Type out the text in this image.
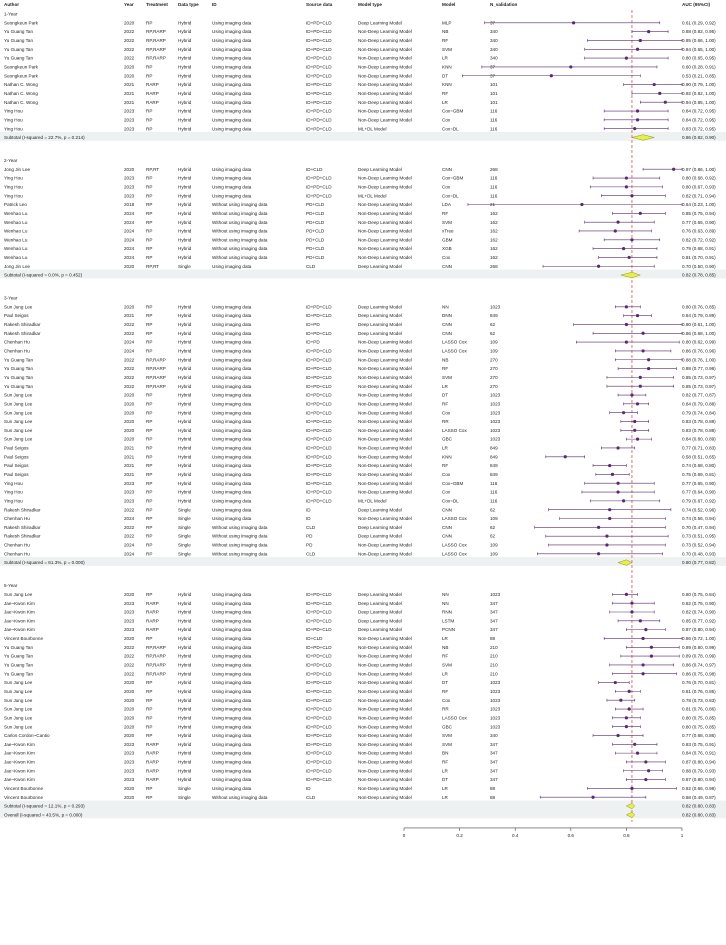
Author	Year	Treatment Data type	ID	Source data	Model type	Model	N_validation	AUC (95%CI)
1-Year
Seongkeun Park	2020	RP	Hybrid	Using imaging data	ID+PD+CLD	Deep Learning Model	MLP	37	0.61 (0.29, 0.92)
Yu Guang Tan	2022	RP,RARP	Hybrid	Using imaging data	ID+PD+CLD	Non-Deep Learning Model	NB	340	0.88 (0.82, 0.95)
Yu Guang Tan	2022	RP,RARP	Hybrid	Using imaging data	ID+PD+CLD	Non-Deep Learning Model	RF	340	0.85 (0.66, 1.00)
Yu Guang Tan	2022	RP,RARP	Hybrid	Using imaging data	ID+PD+CLD	Non-Deep Learning Model	SVM	340	0.84 (0.65, 1.00)
Yu Guang Tan	2022	RP,RARP	Hybrid	Using imaging data	ID+PD+CLD	Non-Deep Learning Model	LR	340	0.80 (0.65, 0.95)
Seongkeun Park	2020	RP	Hybrid	Using imaging data	ID+PD+CLD	Non-Deep Learning Model	KNN	37	0.60 (0.28, 0.91)
Seongkeun Park	2020	RP	Hybrid	Using imaging data	ID+PD+CLD	Non-Deep Learning Model	DT	37	0.53 (0.21, 0.85)
Nathan C. Wong	2021	RARP	Hybrid	Using imaging data	ID+PD+CLD	Non-Deep Learning Model	KNN	101	0.90 (0.79, 1.00)
Nathan C. Wong	2021	RARP	Hybrid	Using imaging data	ID+PD+CLD	Non-Deep Learning Model	RF	101	0.92 (0.82, 1.00)
Nathan C. Wong	2021	RARP	Hybrid	Using imaging data	ID+PD+CLD	Non-Deep Learning Model	LR	101	0.94 (0.85, 1.00)
Ying Hou	2023	RP	Hybrid	Using imaging data	ID+PD+CLD	Non-Deep Learning Model	Cox~GBM	116	0.84 (0.72, 0.95)
Ying Hou	2023	RP	Hybrid	Using imaging data	ID+PD+CLD	Non-Deep Learning Model	Cox	116	0.84 (0.72, 0.95)
Ying Hou	2023	RP	Hybrid	Using imaging data	ID+PD+CLD	ML+DL Model	Cox~DL	116	0.83 (0.72, 0.95)
Subtotal (I-squared = 22.7%, p = 0.214)	0.86 (0.82, 0.90)
2-Year
Jong Jin Lee	2020	RP,RT	Hybrid	Using imaging data	ID+CLD	Deep Learning Model	CNN	268	0.97 (0.86, 1.00)
Ying Hou	2023	RP	Hybrid	Using imaging data	ID+PD+CLD	Non-Deep Learning Model	Cox~GBM	116	0.80 (0.68, 0.92)
Ying Hou	2023	RP	Hybrid	Using imaging data	ID+PD+CLD	Non-Deep Learning Model	Cox	116	0.80 (0.67, 0.93)
Ying Hou	2023	RP	Hybrid	Using imaging data	ID+PD+CLD	ML+DL Model	Cox~DL	116	0.82 (0.71, 0.94)
Patrick Leo	2018	RP	Hybrid	Without using imaging data	PD+CLD	Non-Deep Learning Model	LDA	21	0.64 (0.23, 1.00)
Wenhao Lu	2024	RP	Hybrid	Without using imaging data	PD+CLD	Non-Deep Learning Model	RF	162	0.85 (0.75, 0.94)
Wenhao Lu	2024	RP	Hybrid	Without using imaging data	PD+CLD	Non-Deep Learning Model	SVM	162	0.77 (0.65, 0.90)
Wenhao Lu	2024	RP	Hybrid	Without using imaging data	PD+CLD	Non-Deep Learning Model	xTree	162	0.76 (0.63, 0.89)
Wenhao Lu	2024	RP	Hybrid	Without using imaging data	PD+CLD	Non-Deep Learning Model	GBM	162	0.82 (0.72, 0.92)
Wenhao Lu	2024	RP	Hybrid	Without using imaging data	PD+CLD	Non-Deep Learning Model	XGB	162	0.79 (0.68, 0.91)
Wenhao Lu	2024	RP	Hybrid	Without using imaging data	PD+CLD	Non-Deep Learning Model	Cox	162	0.81 (0.70, 0.91)
Jong Jin Lee	2020	RP,RT	Single	Using imaging data	CLD	Deep Learning Model	CNN	268	0.70 (0.50, 0.90)
Subtotal (I-squared = 0.0%, p = 0.452)	0.82 (0.78, 0.85)
3-Year
Sun Jung Lee	2020	RP	Hybrid	Using imaging data	ID+PD+CLD	Deep Learning Model	NN	1023	0.80 (0.76, 0.85)
Paul Seigos	2021	RP	Hybrid	Using imaging data	ID+PD+CLD	Deep Learning Model	DNN	849	0.84 (0.79, 0.89)
Rakesh Shiradkar	2022	RP	Hybrid	Using imaging data	ID+PD	Deep Learning Model	CNN	62	0.80 (0.61, 1.00)
Rakesh Shiradkar	2022	RP	Hybrid	Using imaging data	ID+PD+CLD	Deep Learning Model	CNN	62	0.86 (0.68, 1.00)
Chenhan Hu	2024	RP	Hybrid	Using imaging data	ID+PD	Non-Deep Learning Model	LASSO Cox	109	0.80 (0.62, 0.99)
Chenhan Hu	2024	RP	Hybrid	Using imaging data	ID+PD+CLD	Non-Deep Learning Model	LASSO Cox	109	0.86 (0.76, 0.96)
Yu Guang Tan	2022	RP,RARP	Hybrid	Using imaging data	ID+PD+CLD	Non-Deep Learning Model	NB	270	0.88 (0.76, 1.00)
Yu Guang Tan	2022	RP,RARP	Hybrid	Using imaging data	ID+PD+CLD	Non-Deep Learning Model	RF	270	0.88 (0.77, 0.98)
Yu Guang Tan	2022	RP,RARP	Hybrid	Using imaging data	ID+PD+CLD	Non-Deep Learning Model	SVM	270	0.85 (0.73, 0.97)
Yu Guang Tan	2022	RP,RARP	Hybrid	Using imaging data	ID+PD+CLD	Non-Deep Learning Model	LR	270	0.85 (0.73, 0.97)
Sun Jung Lee	2020	RP	Hybrid	Using imaging data	ID+PD+CLD	Non-Deep Learning Model	DT	1023	0.82 (0.77, 0.87)
Sun Jung Lee	2020	RP	Hybrid	Using imaging data	ID+PD+CLD	Non-Deep Learning Model	RF	1023	0.84 (0.79, 0.88)
Sun Jung Lee	2020	RP	Hybrid	Using imaging data	ID+PD+CLD	Non-Deep Learning Model	Cox	1023	0.79 (0.74, 0.84)
Sun Jung Lee	2020	RP	Hybrid	Using imaging data	ID+PD+CLD	Non-Deep Learning Model	RR	1023	0.83 (0.78, 0.88)
Sun Jung Lee	2020	RP	Hybrid	Using imaging data	ID+PD+CLD	Non-Deep Learning Model	LASSO Cox	1023	0.83 (0.78, 0.88)
Sun Jung Lee	2020	RP	Hybrid	Using imaging data	ID+PD+CLD	Non-Deep Learning Model	GBC	1023	0.84 (0.80, 0.89)
Paul Seigos	2021	RP	Hybrid	Using imaging data	ID+PD+CLD	Non-Deep Learning Model	LR	849	0.77 (0.71, 0.83)
Paul Seigos	2021	RP	Hybrid	Using imaging data	ID+PD+CLD	Non-Deep Learning Model	KNN	849	0.58 (0.51, 0.65)
Paul Seigos	2021	RP	Hybrid	Using imaging data	ID+PD+CLD	Non-Deep Learning Model	RF	849	0.74 (0.68, 0.80)
Paul Seigos	2021	RP	Hybrid	Using imaging data	ID+PD+CLD	Non-Deep Learning Model	Cox	849	0.75 (0.69, 0.81)
Ying Hou	2023	RP	Hybrid	Using imaging data	ID+PD+CLD	Non-Deep Learning Model	Cox~GBM	116	0.77 (0.65, 0.90)
Ying Hou	2023	RP	Hybrid	Using imaging data	ID+PD+CLD	Non-Deep Learning Model	Cox	116	0.77 (0.64, 0.90)
Ying Hou	2023	RP	Hybrid	Using imaging data	ID+PD+CLD	ML+DL Model	Cox~DL	116	0.79 (0.67, 0.92)
Rakesh Shiradkar	2022	RP	Single	Using imaging data	ID	Deep Learning Model	CNN	62	0.74 (0.52, 0.96)
Chenhan Hu	2024	RP	Single	Using imaging data	ID	Non-Deep Learning Model	LASSO Cox	109	0.74 (0.56, 0.94)
Rakesh Shiradkar	2022	RP	Single	Without using imaging data	CLD	Deep Learning Model	CNN	62	0.70 (0.47, 0.94)
Rakesh Shiradkar	2022	RP	Single	Without using imaging data	PD	Deep Learning Model	CNN	62	0.73 (0.51, 0.95)
Chenhan Hu	2024	RP	Single	Without using imaging data	PD	Non-Deep Learning Model	LASSO Cox	109	0.73 (0.52, 0.94)
Chenhan Hu	2024	RP	Single	Without using imaging data	CLD	Non-Deep Learning Model	LASSO Cox	109	0.70 (0.48, 0.93)
Subtotal (I-squared = 61.3%, p = 0.000)	0.80 (0.77, 0.82)
5-Year
Sun Jung Lee	2020	RP	Hybrid	Using imaging data	ID+PD+CLD	Deep Learning Model	NN	1023	0.80 (0.75, 0.84)
Jae~Kwon Kim	2023	RARP	Hybrid	Using imaging data	ID+PD+CLD	Deep Learning Model	NN	347	0.82 (0.75, 0.90)
Jae~Kwon Kim	2023	RARP	Hybrid	Using imaging data	ID+PD+CLD	Deep Learning Model	RNN	347	0.82 (0.74, 0.90)
Jae~Kwon Kim	2023	RARP	Hybrid	Using imaging data	ID+PD+CLD	Deep Learning Model	LSTM	347	0.85 (0.77, 0.92)
Jae~Kwon Kim	2023	RARP	Hybrid	Using imaging data	ID+PD+CLD	Deep Learning Model	PCNN	347	0.87 (0.80, 0.94)
Vincent Bourbonne	2020	RP	Hybrid	Using imaging data	ID+CLD	Non-Deep Learning Model	LR	88	0.86 (0.72, 1.00)
Yu Guang Tan	2022	RP,RARP	Hybrid	Using imaging data	ID+PD+CLD	Non-Deep Learning Model	NB	210	0.89 (0.80, 0.99)
Yu Guang Tan	2022	RP,RARP	Hybrid	Using imaging data	ID+PD+CLD	Non-Deep Learning Model	RF	210	0.89 (0.78, 0.99)
Yu Guang Tan	2022	RP,RARP	Hybrid	Using imaging data	ID+PD+CLD	Non-Deep Learning Model	SVM	210	0.86 (0.74, 0.97)
Yu Guang Tan	2022	RP,RARP	Hybrid	Using imaging data	ID+PD+CLD	Non-Deep Learning Model	LR	210	0.86 (0.75, 0.98)
Sun Jung Lee	2020	RP	Hybrid	Using imaging data	ID+PD+CLD	Non-Deep Learning Model	DT	1023	0.76 (0.70, 0.81)
Sun Jung Lee	2020	RP	Hybrid	Using imaging data	ID+PD+CLD	Non-Deep Learning Model	RF	1023	0.81 (0.76, 0.85)
Sun Jung Lee	2020	RP	Hybrid	Using imaging data	ID+PD+CLD	Non-Deep Learning Model	Cox	1023	0.78 (0.73, 0.83)
Sun Jung Lee	2020	RP	Hybrid	Using imaging data	ID+PD+CLD	Non-Deep Learning Model	RR	1023	0.81 (0.76, 0.86)
Sun Jung Lee	2020	RP	Hybrid	Using imaging data	ID+PD+CLD	Non-Deep Learning Model	LASSO Cox	1023	0.80 (0.75, 0.85)
Sun Jung Lee	2020	RP	Hybrid	Using imaging data	ID+PD+CLD	Non-Deep Learning Model	GBC	1023	0.80 (0.75, 0.85)
Carlos Cordon~Cantio	2020	RP	Hybrid	Using imaging data	ID+PD+CLD	Non-Deep Learning Model	SVM	340	0.77 (0.68, 0.86)
Jae~Kwon Kim	2023	RARP	Hybrid	Using imaging data	ID+PD+CLD	Non-Deep Learning Model	SVM	347	0.83 (0.75, 0.91)
Jae~Kwon Kim	2023	RARP	Hybrid	Using imaging data	ID+PD+CLD	Non-Deep Learning Model	BN	347	0.84 (0.76, 0.91)
Jae~Kwon Kim	2023	RARP	Hybrid	Using imaging data	ID+PD+CLD	Non-Deep Learning Model	RF	347	0.87 (0.80, 0.94)
Jae~Kwon Kim	2023	RARP	Hybrid	Using imaging data	ID+PD+CLD	Non-Deep Learning Model	LR	347	0.88 (0.79, 0.93)
Jae~Kwon Kim	2023	RARP	Hybrid	Using imaging data	ID+PD+CLD	Non-Deep Learning Model	DT	347	0.87 (0.80, 0.94)
Vincent Bourbonne	2020	RP	Single	Using imaging data	ID	Non-Deep Learning Model	LR	88	0.82 (0.66, 0.98)
Vincent Bourbonne	2020	RP	Single	Without using imaging data	CLD	Non-Deep Learning Model	LR	88	0.68 (0.49, 0.87)
Subtotal (I-squared = 12.1%, p = 0.293)	0.82 (0.80, 0.83)
Overall (I-squared = 43.5%, p = 0.000)	0.82 (0.80, 0.83)
0	0.2	0.4	0.6	0.8	1
